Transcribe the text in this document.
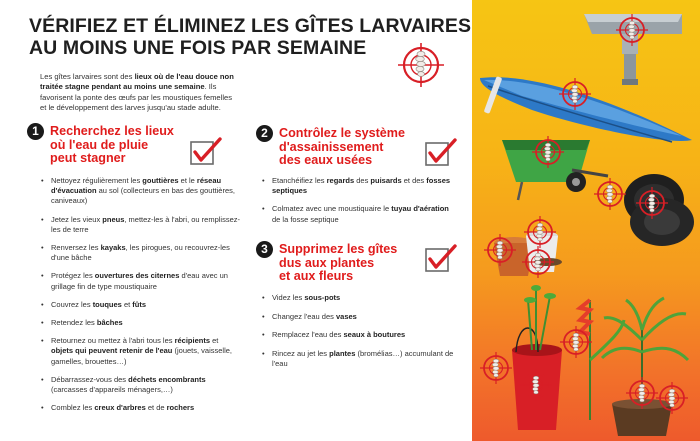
VÉRIFIEZ ET ÉLIMINEZ LES GÎTES LARVAIRES
AU MOINS UNE FOIS PAR SEMAINE

Les gîtes larvaires sont des lieux où de l'eau douce non traitée stagne pendant au moins une semaine. Ils favorisent la ponte des œufs par les moustiques femelles et le développement des larves jusqu'au stade adulte.

1 Recherchez les lieux
où l'eau de pluie
peut stagner
• Nettoyez régulièrement les gouttières et le réseau d'évacuation au sol (collecteurs en bas des gouttières, caniveaux)
• Jetez les vieux pneus, mettez-les à l'abri, ou remplissez-les de terre
• Renversez les kayaks, les pirogues, ou recouvrez-les d'une bâche
• Protégez les ouvertures des citernes d'eau avec un grillage fin de type moustiquaire
• Couvrez les touques et fûts
• Retendez les bâches
• Retournez ou mettez à l'abri tous les récipients et objets qui peuvent retenir de l'eau (jouets, vaisselle, gamelles, brouettes…)
• Débarrassez-vous des déchets encombrants (carcasses d'appareils ménagers,…)
• Comblez les creux d'arbres et de rochers
2 Contrôlez le système
d'assainissement
des eaux usées
• Etanchéifiez les regards des puisards et des fosses septiques
• Colmatez avec une moustiquaire le tuyau d'aération de la fosse septique
3 Supprimez les gîtes
dus aux plantes
et aux fleurs
• Videz les sous-pots
• Changez l'eau des vases
• Remplacez l'eau des seaux à boutures
• Rincez au jet les plantes (bromélias…) accumulant de l'eau
